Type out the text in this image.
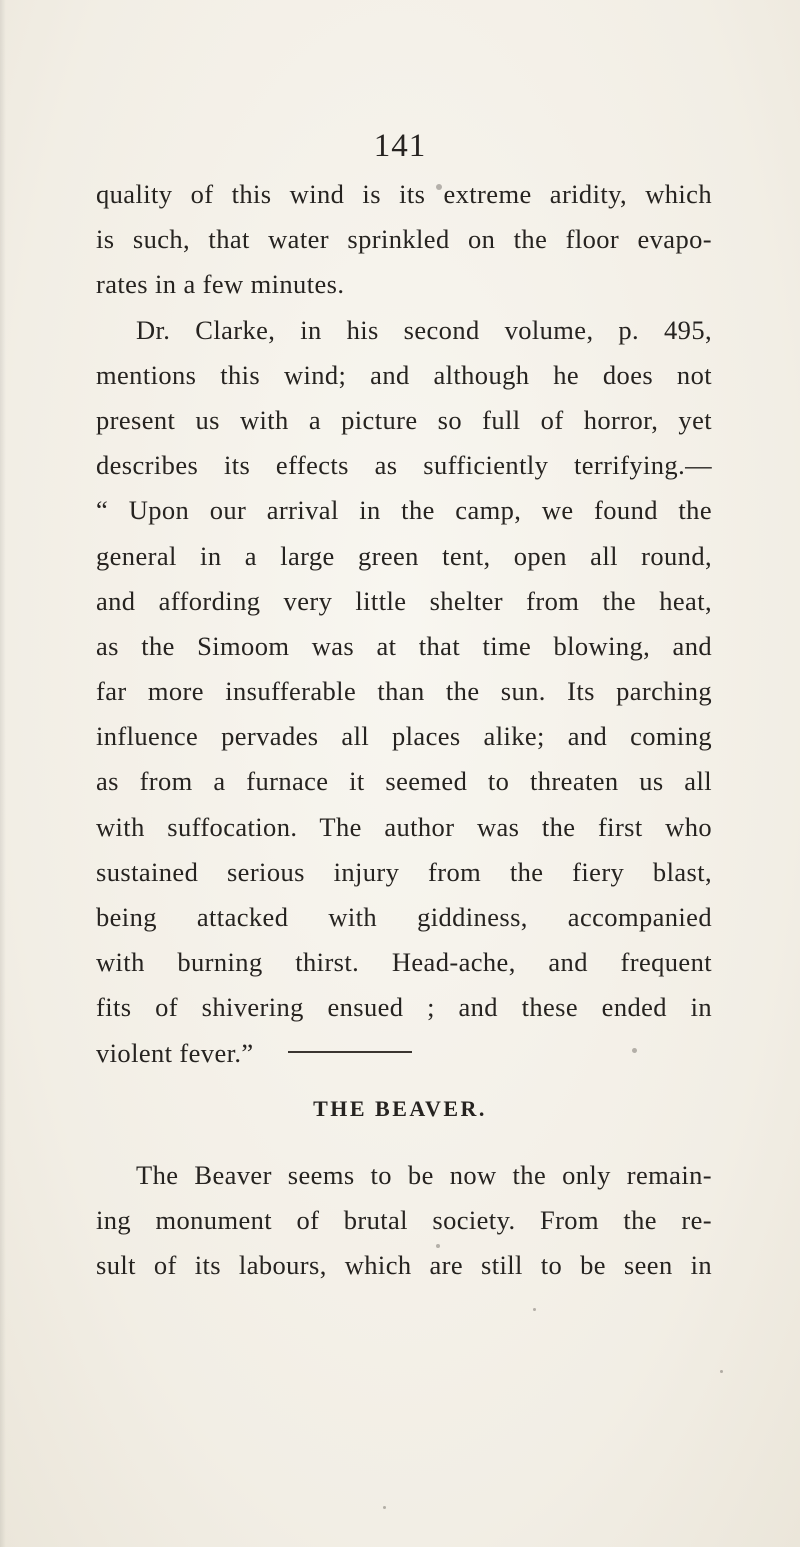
141
quality of this wind is its extreme aridity, which
is such, that water sprinkled on the floor evapo-
rates in a few minutes.
Dr. Clarke, in his second volume, p. 495,
mentions this wind; and although he does not
present us with a picture so full of horror, yet
describes its effects as sufficiently terrifying.—
“ Upon our arrival in the camp, we found the
general in a large green tent, open all round,
and affording very little shelter from the heat,
as the Simoom was at that time blowing, and
far more insufferable than the sun. Its parching
influence pervades all places alike; and coming
as from a furnace it seemed to threaten us all
with suffocation. The author was the first who
sustained serious injury from the fiery blast,
being attacked with giddiness, accompanied
with burning thirst. Head-ache, and frequent
fits of shivering ensued ; and these ended in
violent fever.”
THE BEAVER.
The Beaver seems to be now the only remain-
ing monument of brutal society. From the re-
sult of its labours, which are still to be seen in
